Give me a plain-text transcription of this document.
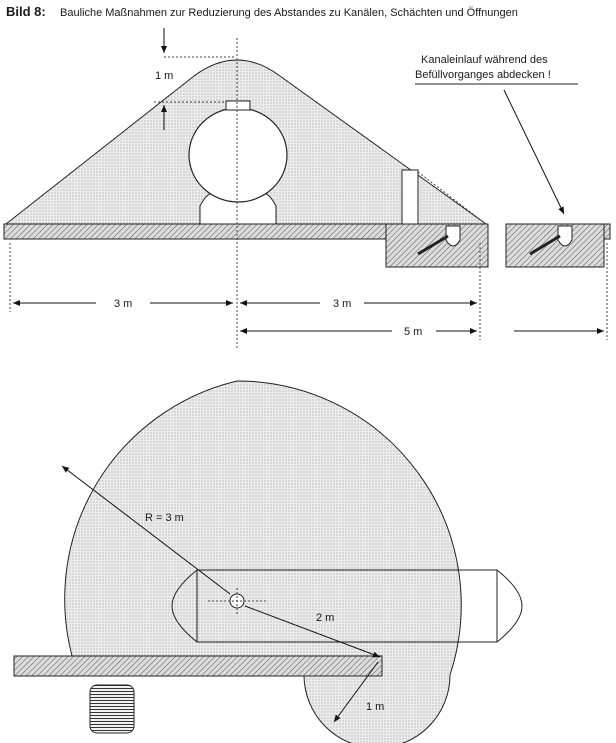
Bild 8: Bauliche Maßnahmen zur Reduzierung des Abstandes zu Kanälen, Schächten und Öffnungen
1 m
Kanaleinlauf während des
Befüllvorganges abdecken !
3 m	3 m
5 m
R = 3 m
2 m
1 m
